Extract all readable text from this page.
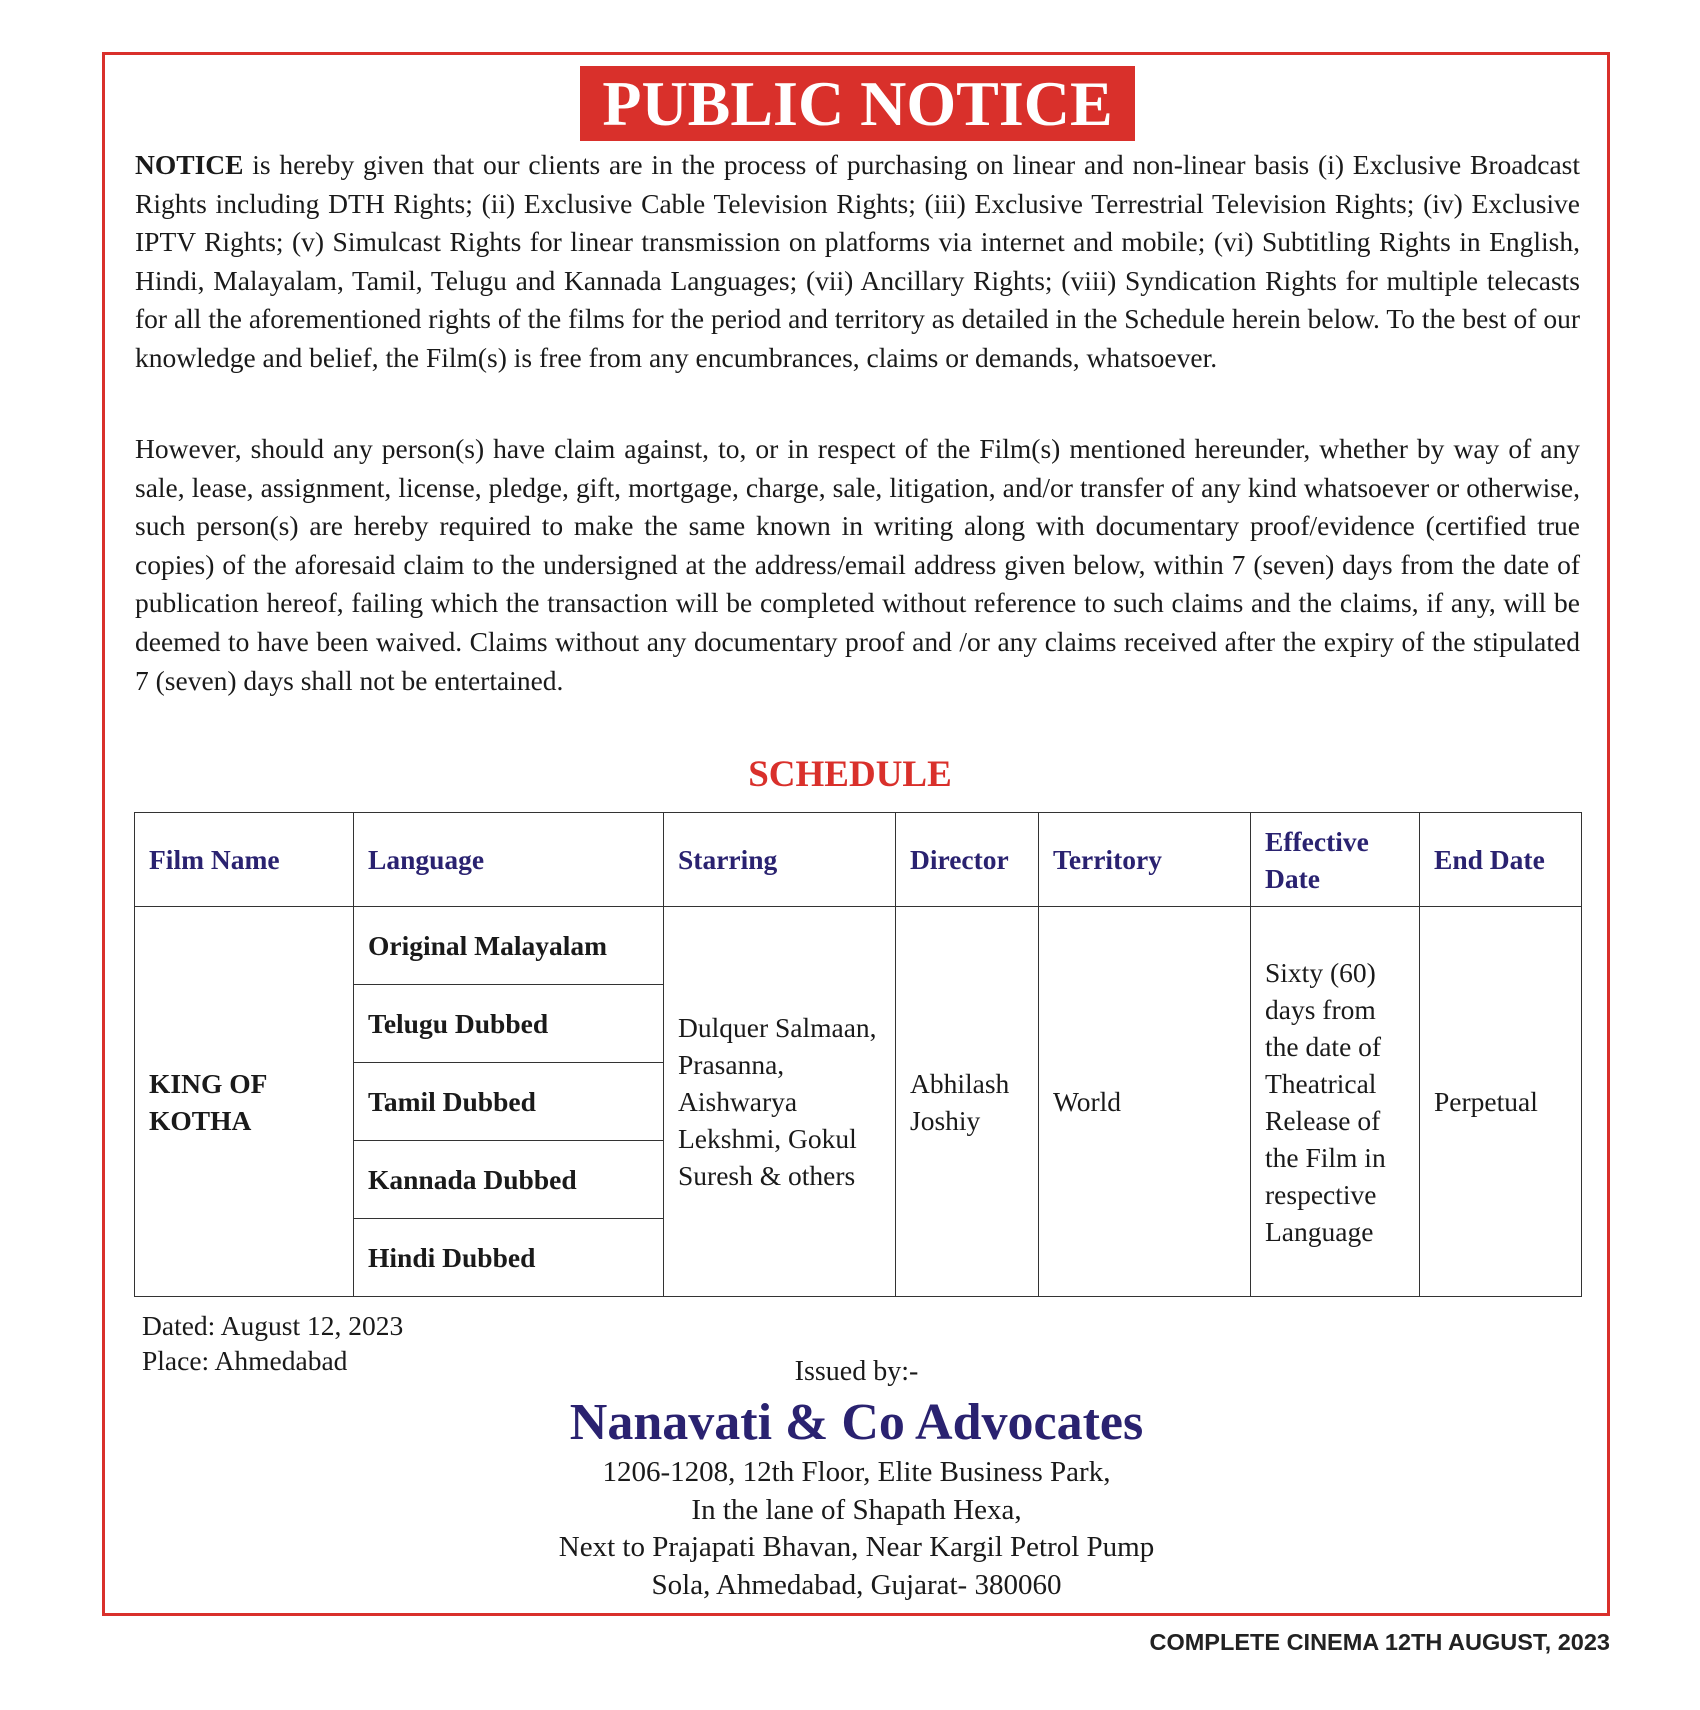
PUBLIC NOTICE

NOTICE is hereby given that our clients are in the process of purchasing on linear and non-linear basis (i) Exclusive Broadcast Rights including DTH Rights; (ii) Exclusive Cable Television Rights; (iii) Exclusive Terrestrial Television Rights; (iv) Exclusive IPTV Rights; (v) Simulcast Rights for linear transmission on platforms via internet and mobile; (vi) Subtitling Rights in English, Hindi, Malayalam, Tamil, Telugu and Kannada Languages; (vii) Ancillary Rights; (viii) Syndication Rights for multiple telecasts for all the aforementioned rights of the films for the period and territory as detailed in the Schedule herein below. To the best of our knowledge and belief, the Film(s) is free from any encumbrances, claims or demands, whatsoever.

However, should any person(s) have claim against, to, or in respect of the Film(s) mentioned hereunder, whether by way of any sale, lease, assignment, license, pledge, gift, mortgage, charge, sale, litigation, and/or transfer of any kind whatsoever or otherwise, such person(s) are hereby required to make the same known in writing along with documentary proof/evidence (certified true copies) of the aforesaid claim to the undersigned at the address/email address given below, within 7 (seven) days from the date of publication hereof, failing which the transaction will be completed without reference to such claims and the claims, if any, will be deemed to have been waived. Claims without any documentary proof and /or any claims received after the expiry of the stipulated 7 (seven) days shall not be entertained.

SCHEDULE
Film Name	Language	Starring	Director	Territory	Effective Date	End Date
KING OF KOTHA	Original Malayalam	Dulquer Salmaan, Prasanna, Aishwarya Lekshmi, Gokul Suresh & others	Abhilash Joshiy	World	Sixty (60) days from the date of Theatrical Release of the Film in respective Language	Perpetual
	Telugu Dubbed					
	Tamil Dubbed					
	Kannada Dubbed					
	Hindi Dubbed					
Dated: August 12, 2023
Place: Ahmedabad	Issued by:-
Nanavati & Co Advocates
1206-1208, 12th Floor, Elite Business Park,
In the lane of Shapath Hexa,
Next to Prajapati Bhavan, Near Kargil Petrol Pump
Sola, Ahmedabad, Gujarat- 380060
COMPLETE CINEMA 12TH AUGUST, 2023
